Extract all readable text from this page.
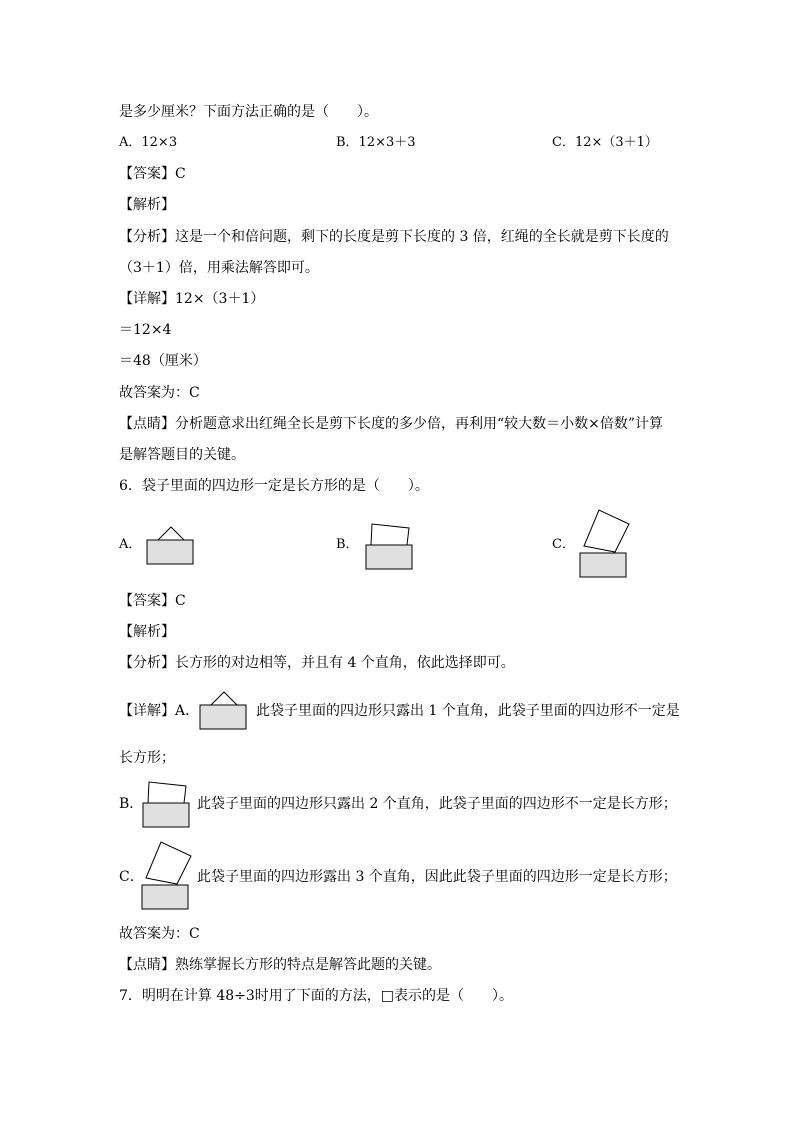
是多少厘米？下面方法正确的是（　　）。
A．12×3	B．12×3＋3	C．12×（3＋1）
【答案】C
【解析】
【分析】这是一个和倍问题，剩下的长度是剪下长度的 3 倍，红绳的全长就是剪下长度的
（3＋1）倍，用乘法解答即可。
【详解】12×（3＋1）
＝12×4
＝48（厘米）
故答案为：C
【点睛】分析题意求出红绳全长是剪下长度的多少倍，再利用“较大数＝小数×倍数”计算
是解答题目的关键。
6．袋子里面的四边形一定是长方形的是（　　）。
A．	B．	C．
【答案】C
【解析】
【分析】长方形的对边相等，并且有 4 个直角，依此选择即可。
【详解】A．	此袋子里面的四边形只露出 1 个直角，此袋子里面的四边形不一定是
长方形；
B．	此袋子里面的四边形只露出 2 个直角，此袋子里面的四边形不一定是长方形；
C．	此袋子里面的四边形露出 3 个直角，因此此袋子里面的四边形一定是长方形；
故答案为：C
【点睛】熟练掌握长方形的特点是解答此题的关键。
7．明明在计算 48÷3时用了下面的方法，□表示的是（　　）。
